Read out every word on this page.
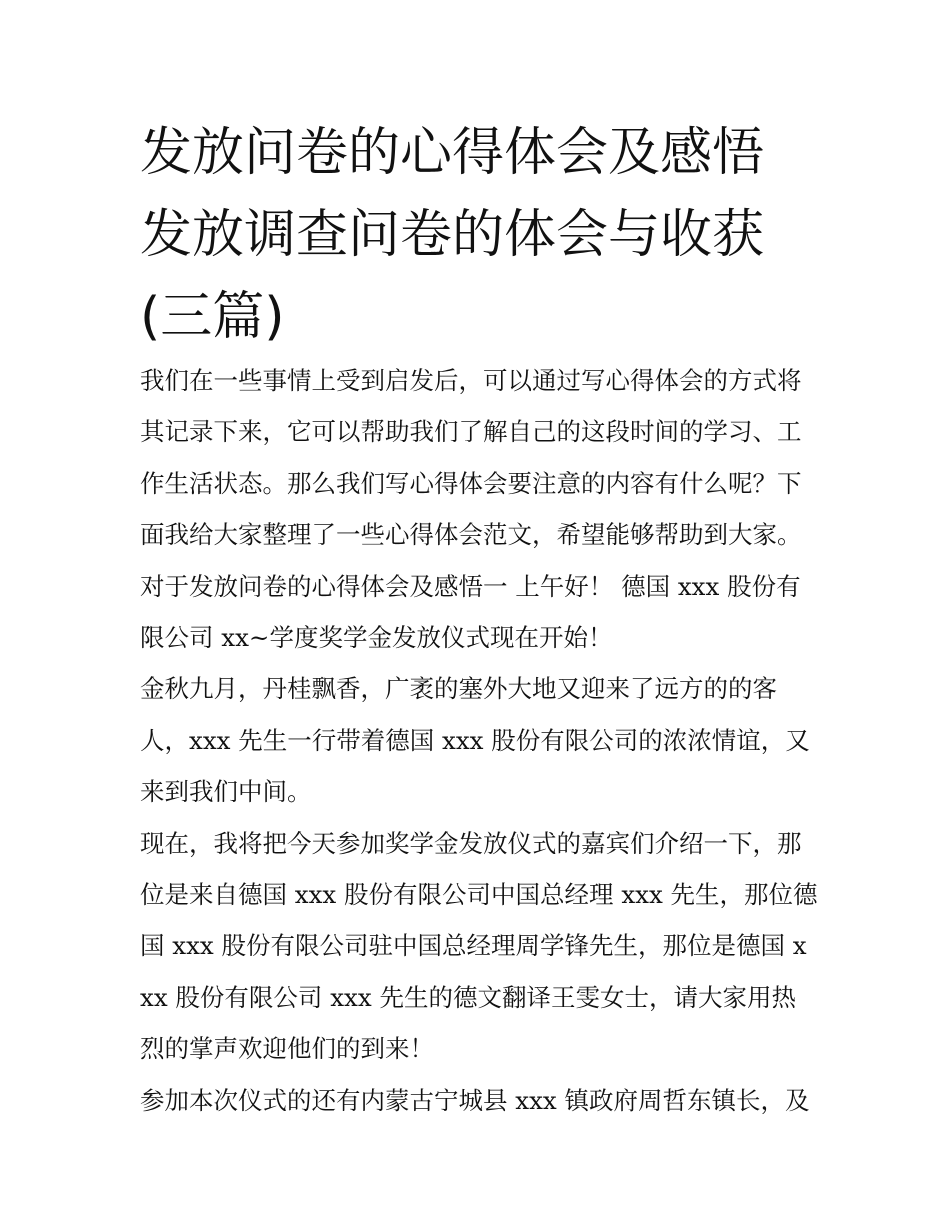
发放问卷的心得体会及感悟 发放调查问卷的体会与收获(三篇)

我们在一些事情上受到启发后，可以通过写心得体会的方式将其记录下来，它可以帮助我们了解自己的这段时间的学习、工作生活状态。那么我们写心得体会要注意的内容有什么呢？下面我给大家整理了一些心得体会范文，希望能够帮助到大家。

对于发放问卷的心得体会及感悟一 上午好！ 德国 xxx 股份有限公司 xx~学度奖学金发放仪式现在开始！

金秋九月，丹桂飘香，广袤的塞外大地又迎来了远方的的客人，xxx 先生一行带着德国 xxx 股份有限公司的浓浓情谊，又来到我们中间。

现在，我将把今天参加奖学金发放仪式的嘉宾们介绍一下，那位是来自德国 xxx 股份有限公司中国总经理 xxx 先生，那位德国 xxx 股份有限公司驻中国总经理周学锋先生，那位是德国 xxx 股份有限公司 xxx 先生的德文翻译王雯女士，请大家用热烈的掌声欢迎他们的到来！

参加本次仪式的还有内蒙古宁城县 xxx 镇政府周哲东镇长，及
